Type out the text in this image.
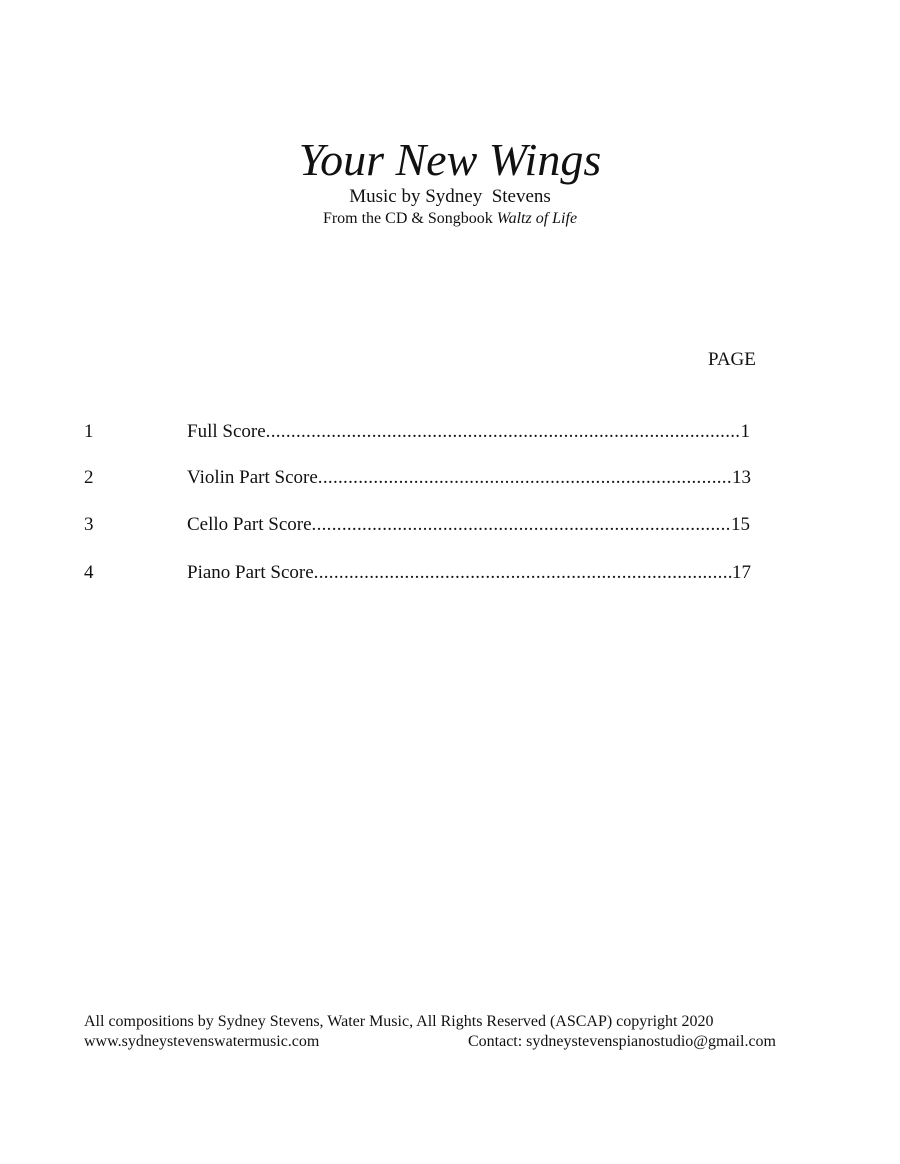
Your New Wings
Music by Sydney  Stevens
From the CD & Songbook Waltz of Life
PAGE
1	Full Score .....	1
2	Violin Part Score .....	13
3	Cello Part Score .....	15
4	Piano Part Score .....	17
All compositions by Sydney Stevens, Water Music, All Rights Reserved (ASCAP) copyright 2020
www.sydneystevenswatermusic.com	Contact: sydneystevenspianostudio@gmail.com
